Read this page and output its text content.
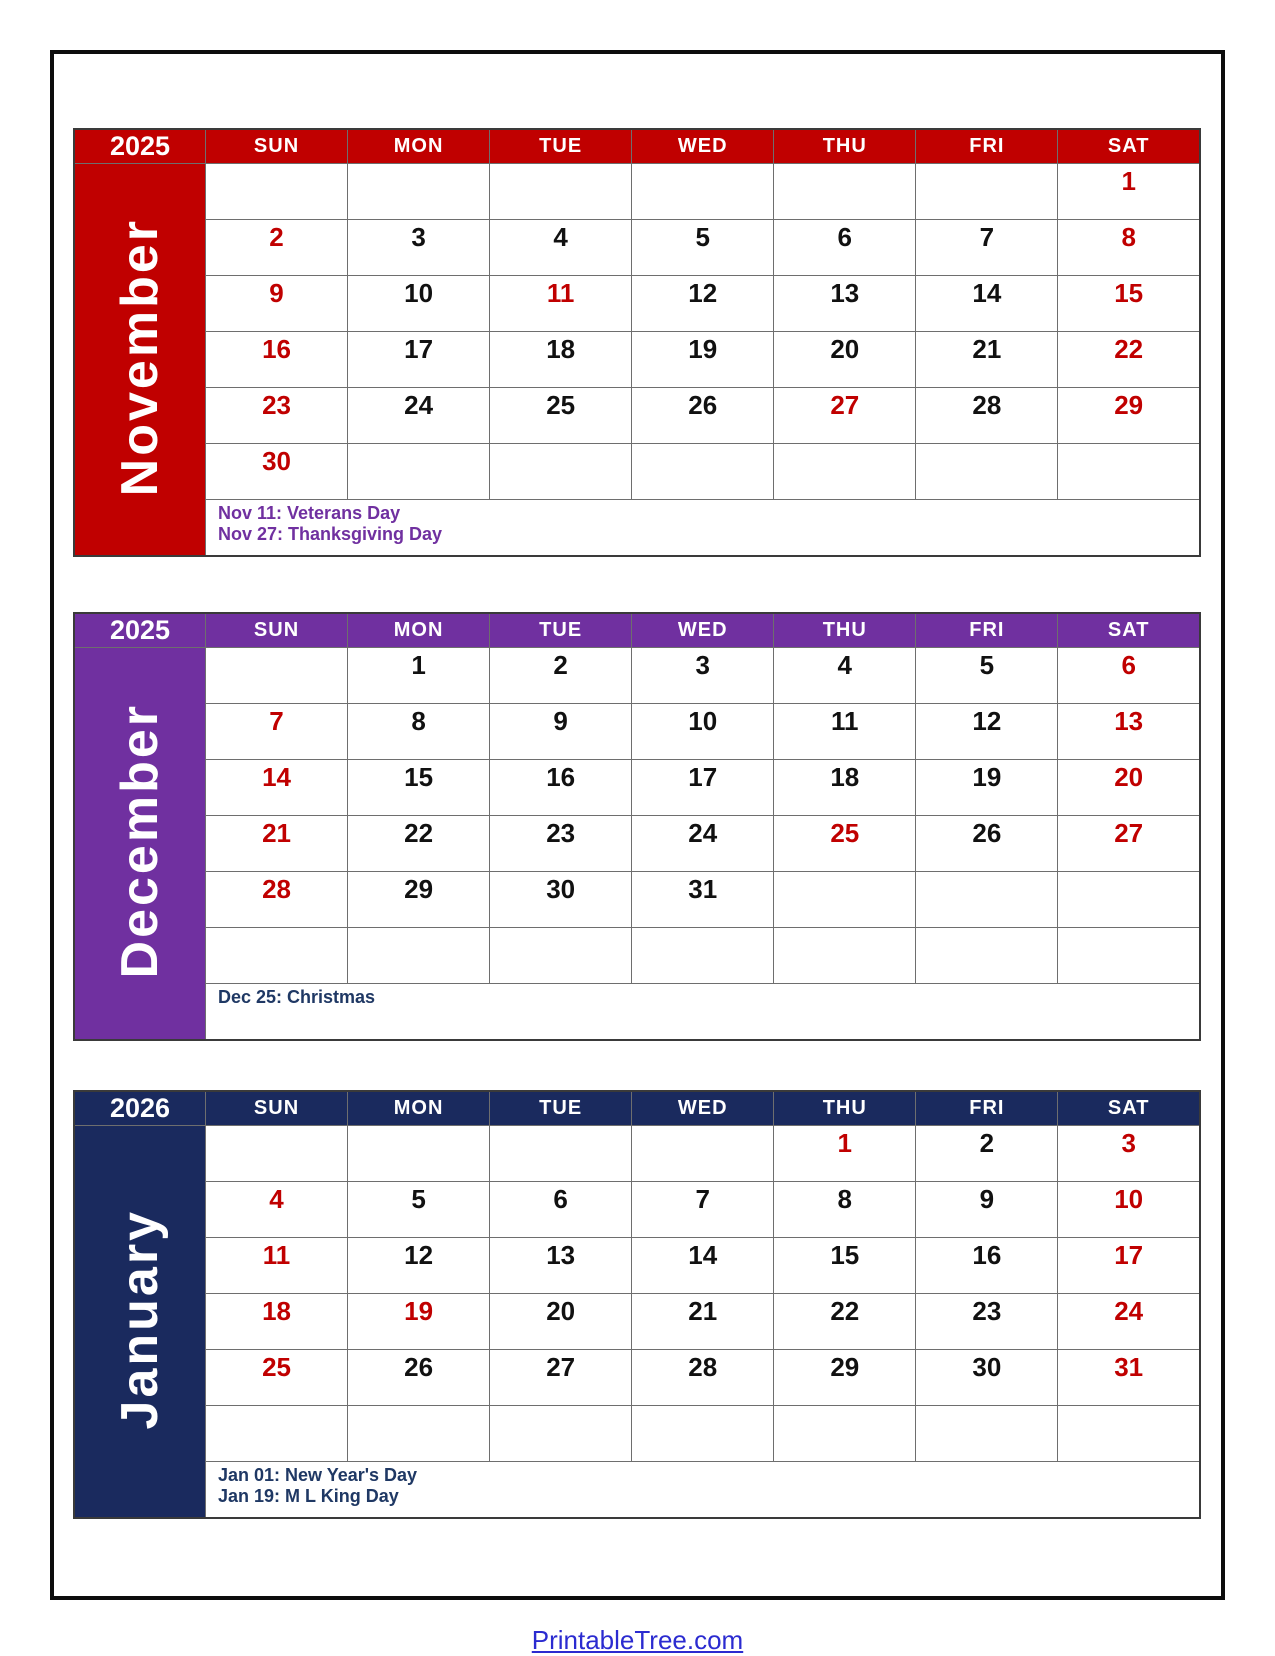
2025	SUN	MON	TUE	WED	THU	FRI	SAT
November							1
	2	3	4	5	6	7	8
	9	10	11	12	13	14	15
	16	17	18	19	20	21	22
	23	24	25	26	27	28	29
	30						

	Nov 11: Veterans Day
Nov 27: Thanksgiving Day						
2025	SUN	MON	TUE	WED	THU	FRI	SAT
December		1	2	3	4	5	6
	7	8	9	10	11	12	13
	14	15	16	17	18	19	20
	21	22	23	24	25	26	27
	28	29	30	31			

	Dec 25: Christmas						
2026	SUN	MON	TUE	WED	THU	FRI	SAT
January					1	2	3
	4	5	6	7	8	9	10
	11	12	13	14	15	16	17
	18	19	20	21	22	23	24
	25	26	27	28	29	30	31

	Jan 01: New Year's Day
Jan 19: M L King Day						
PrintableTree.com
